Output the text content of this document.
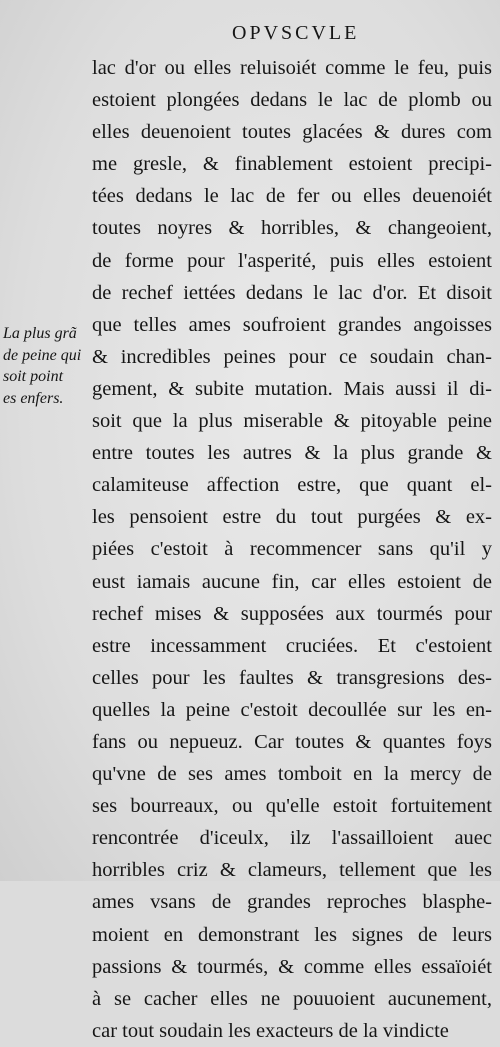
OPVSCVLE
La plus grã
de peine qui
soit point
es enfers.
lac d'or ou elles reluisoiét comme le feu, puis
estoient plongées dedans le lac de plomb ou
elles deuenoient toutes glacées & dures com
me gresle, & finablement estoient precipi-
tées dedans le lac de fer ou elles deuenoiét
toutes noyres & horribles, & changeoient,
de forme pour l'asperité, puis elles estoient
de rechef iettées dedans le lac d'or. Et disoit
que telles ames soufroient grandes angoisses
& incredibles peines pour ce soudain chan-
gement, & subite mutation. Mais aussi il di-
soit que la plus miserable & pitoyable peine
entre toutes les autres & la plus grande &
calamiteuse affection estre, que quant el-
les pensoient estre du tout purgées & ex-
piées c'estoit à recommencer sans qu'il y
eust iamais aucune fin, car elles estoient de
rechef mises & supposées aux tourmés pour
estre incessamment cruciées. Et c'estoient
celles pour les faultes & transgresions des-
quelles la peine c'estoit decoullée sur les en-
fans ou nepueuz. Car toutes & quantes foys
qu'vne de ses ames tomboit en la mercy de
ses bourreaux, ou qu'elle estoit fortuitement
rencontrée d'iceulx, ilz l'assailloient auec
horribles criz & clameurs, tellement que les
ames vsans de grandes reproches blasphe-
moient en demonstrant les signes de leurs
passions & tourmés, & comme elles essaïoiét
à se cacher elles ne pouuoient aucunement,
car tout soudain les exacteurs de la vindicte
